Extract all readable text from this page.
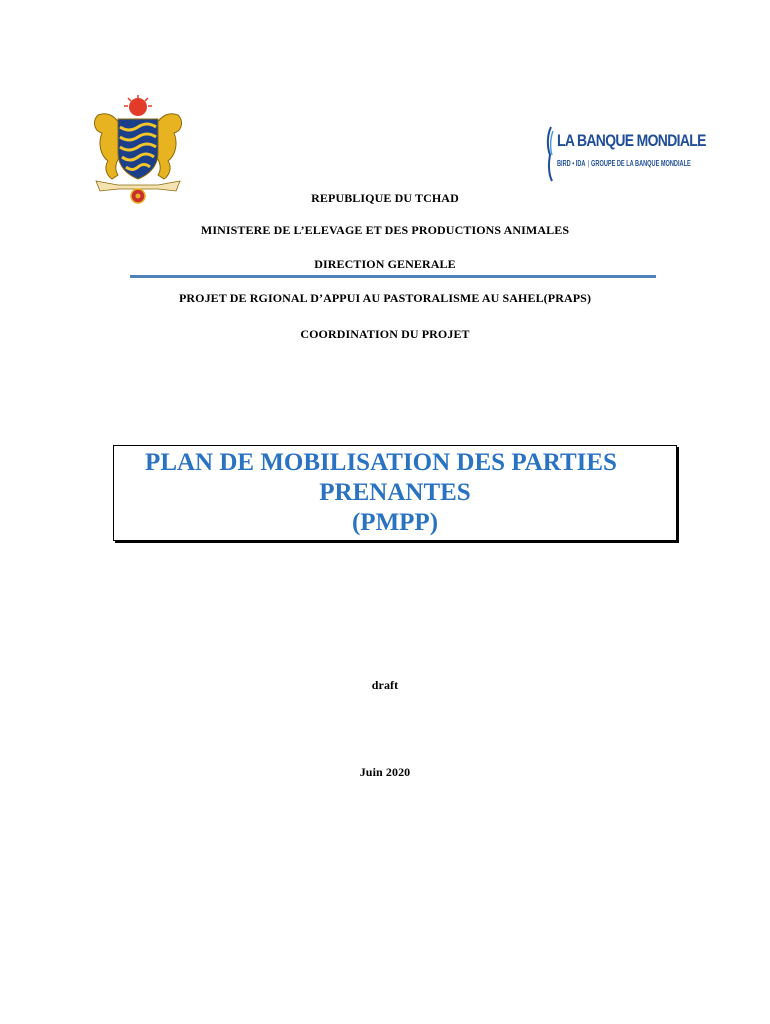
LA BANQUE MONDIALE
BIRD • IDA | GROUPE DE LA BANQUE MONDIALE
REPUBLIQUE DU TCHAD
MINISTERE DE L’ELEVAGE ET DES PRODUCTIONS ANIMALES
DIRECTION GENERALE
PROJET DE RGIONAL D’APPUI AU PASTORALISME AU SAHEL(PRAPS)
COORDINATION DU PROJET
PLAN DE MOBILISATION DES PARTIES
PRENANTES
(PMPP)
draft
Juin 2020
